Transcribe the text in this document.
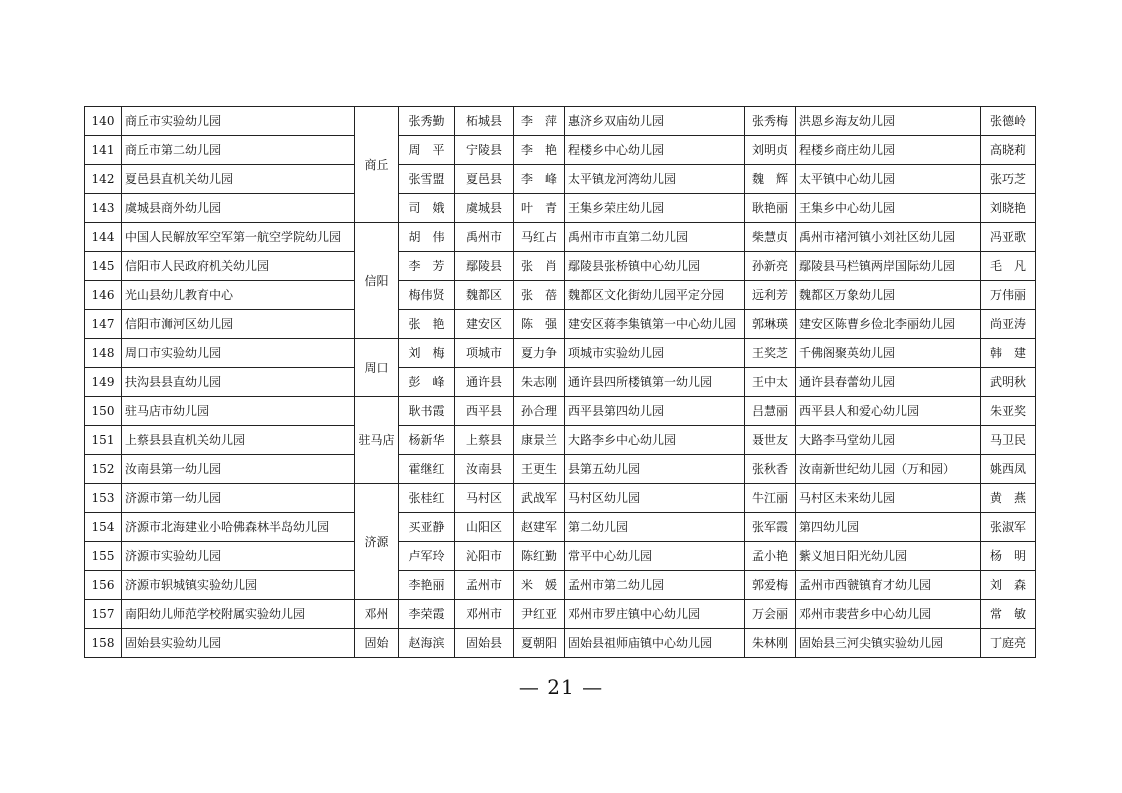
140	商丘市实验幼儿园	商丘	张秀勤	柘城县	李　萍	惠济乡双庙幼儿园	张秀梅	洪恩乡海友幼儿园	张德岭
141	商丘市第二幼儿园		周　平	宁陵县	李　艳	程楼乡中心幼儿园	刘明贞	程楼乡商庄幼儿园	高晓莉
142	夏邑县直机关幼儿园		张雪盟	夏邑县	李　峰	太平镇龙河湾幼儿园	魏　辉	太平镇中心幼儿园	张巧芝
143	虞城县商外幼儿园		司　娥	虞城县	叶　青	王集乡荣庄幼儿园	耿艳丽	王集乡中心幼儿园	刘晓艳
144	中国人民解放军空军第一航空学院幼儿园	信阳	胡　伟	禹州市	马红占	禹州市市直第二幼儿园	柴慧贞	禹州市褚河镇小刘社区幼儿园	冯亚歌
145	信阳市人民政府机关幼儿园		李　芳	鄢陵县	张　肖	鄢陵县张桥镇中心幼儿园	孙新亮	鄢陵县马栏镇两岸国际幼儿园	毛　凡
146	光山县幼儿教育中心		梅伟贤	魏都区	张　蓓	魏都区文化街幼儿园平定分园	远利芳	魏都区万象幼儿园	万伟丽
147	信阳市浉河区幼儿园		张　艳	建安区	陈　强	建安区蒋李集镇第一中心幼儿园	郭琳瑛	建安区陈曹乡俭北李丽幼儿园	尚亚涛
148	周口市实验幼儿园	周口	刘　梅	项城市	夏力争	项城市实验幼儿园	王奖芝	千佛阁聚英幼儿园	韩　建
149	扶沟县县直幼儿园		彭　峰	通许县	朱志刚	通许县四所楼镇第一幼儿园	王中太	通许县春蕾幼儿园	武明秋
150	驻马店市幼儿园	驻马店	耿书霞	西平县	孙合理	西平县第四幼儿园	吕慧丽	西平县人和爱心幼儿园	朱亚奖
151	上蔡县县直机关幼儿园		杨新华	上蔡县	康景兰	大路李乡中心幼儿园	聂世友	大路李马堂幼儿园	马卫民
152	汝南县第一幼儿园		霍继红	汝南县	王更生	县第五幼儿园	张秋香	汝南新世纪幼儿园（万和园）	姚西凤
153	济源市第一幼儿园	济源	张桂红	马村区	武战军	马村区幼儿园	牛江丽	马村区未来幼儿园	黄　燕
154	济源市北海建业小哈佛森林半岛幼儿园		买亚静	山阳区	赵建军	第二幼儿园	张军霞	第四幼儿园	张淑军
155	济源市实验幼儿园		卢军玲	沁阳市	陈红勤	常平中心幼儿园	孟小艳	紫义旭日阳光幼儿园	杨　明
156	济源市轵城镇实验幼儿园		李艳丽	孟州市	米　媛	孟州市第二幼儿园	郭爱梅	孟州市西虢镇育才幼儿园	刘　森
157	南阳幼儿师范学校附属实验幼儿园	邓州	李荣霞	邓州市	尹红亚	邓州市罗庄镇中心幼儿园	万会丽	邓州市裴营乡中心幼儿园	常　敏
158	固始县实验幼儿园	固始	赵海滨	固始县	夏朝阳	固始县祖师庙镇中心幼儿园	朱林刚	固始县三河尖镇实验幼儿园	丁庭亮
— 21 —
